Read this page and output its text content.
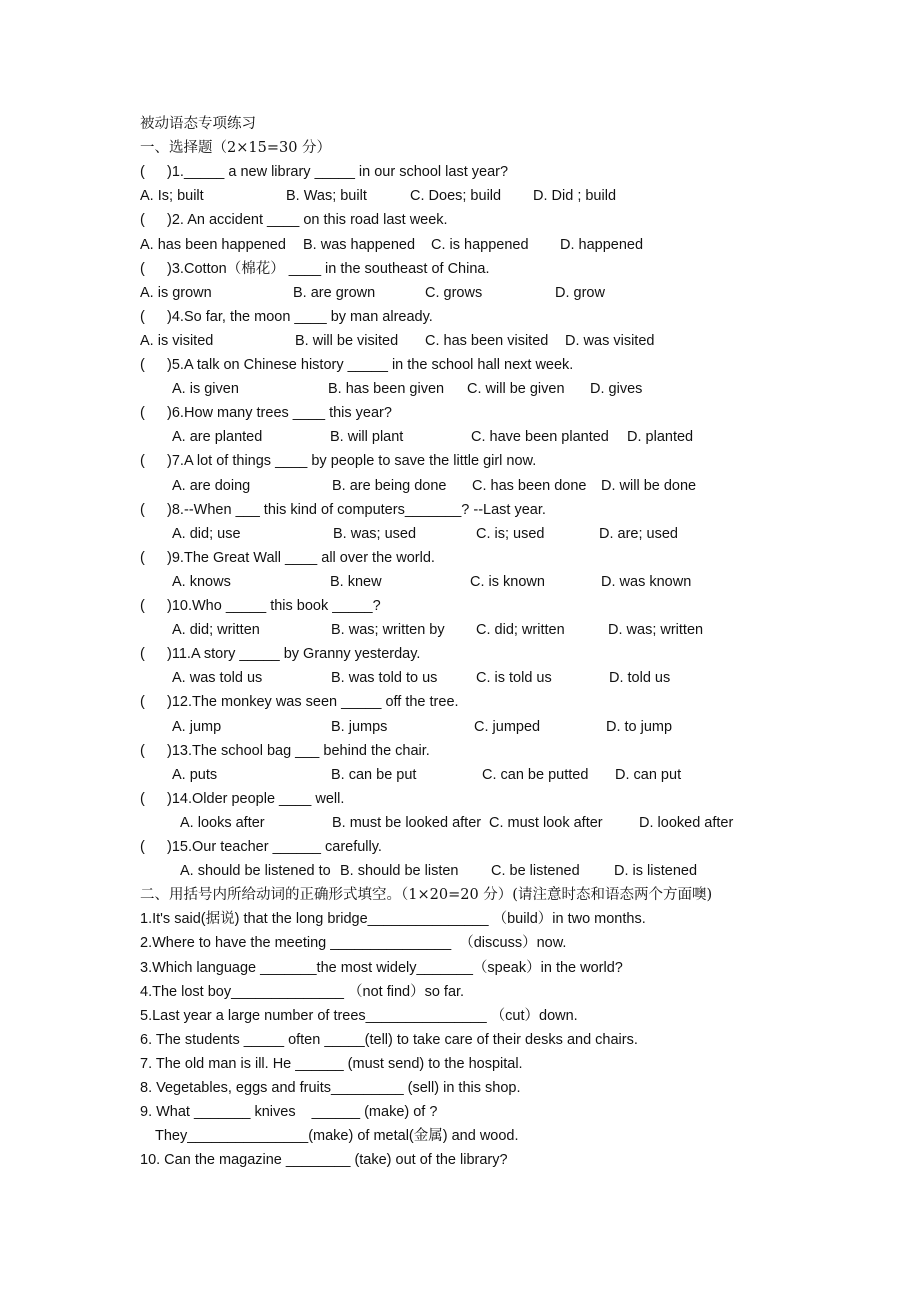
被动语态专项练习
一、选择题（2×15=30 分）
( )1. _____ a new library _____ in our school last year?
A. Is; built	B. Was; built	C. Does; build D. Did ; build
( )2. An accident ____ on this road last week.
A. has been happened B. was happened C. is happened D. happened
( )3. Cotton（棉花） ____ in the southeast of China.
A. is grown	B. are grown	C. grows	D. grow
( )4. So far, the moon ____ by man already.
A. is visited	B. will be visited C. has been visited D. was visited
( )5. A talk on Chinese history _____ in the school hall next week.
A. is given	B. has been given C. will be given D. gives
( )6. How many trees ____ this year?
A. are planted	B. will plant	C. have been planted D. planted
( )7. A lot of things ____ by people to save the little girl now.
A. are doing	B. are being done C. has been done D. will be done
( )8. --When ___ this kind of computers_______? --Last year.
A. did; use	B. was; used	C. is; used	D. are; used
( )9. The Great Wall ____ all over the world.
A. knows	B. knew	C. is known	D. was known
( )10. Who _____ this book _____?
A. did; written	B. was; written by C. did; written	D. was; written
( )11. A story _____ by Granny yesterday.
A. was told us	B. was told to us	C. is told us	D. told us
( )12. The monkey was seen _____ off the tree.
A. jump	B. jumps	C. jumped	D. to jump
( )13. The school bag ___ behind the chair.
A. puts	B. can be put	C. can be putted D. can put
( )14. Older people ____ well.
A. looks after	B. must be looked after C. must look after	D. looked after
( )15. Our teacher ______ carefully.
A. should be listened to B. should be listen C. be listened D. is listened
二、用括号内所给动词的正确形式填空。（1×20=20 分）(请注意时态和语态两个方面噢)
1.It's said(据说) that the long bridge_______________ （build）in two months.
2.Where to have the meeting _______________  （discuss）now.
3.Which language _______the most widely_______（speak）in the world?
4.The lost boy______________ （not find）so far.
5.Last year a large number of trees_______________ （cut）down.
6. The students _____ often _____(tell) to take care of their desks and chairs.
7. The old man is ill. He ______ (must send) to the hospital.
8. Vegetables, eggs and fruits_________ (sell) in this shop.
9. What _______ knives    ______ (make) of ?
They_______________(make) of metal(金属) and wood.
10. Can the magazine ________ (take) out of the library?
